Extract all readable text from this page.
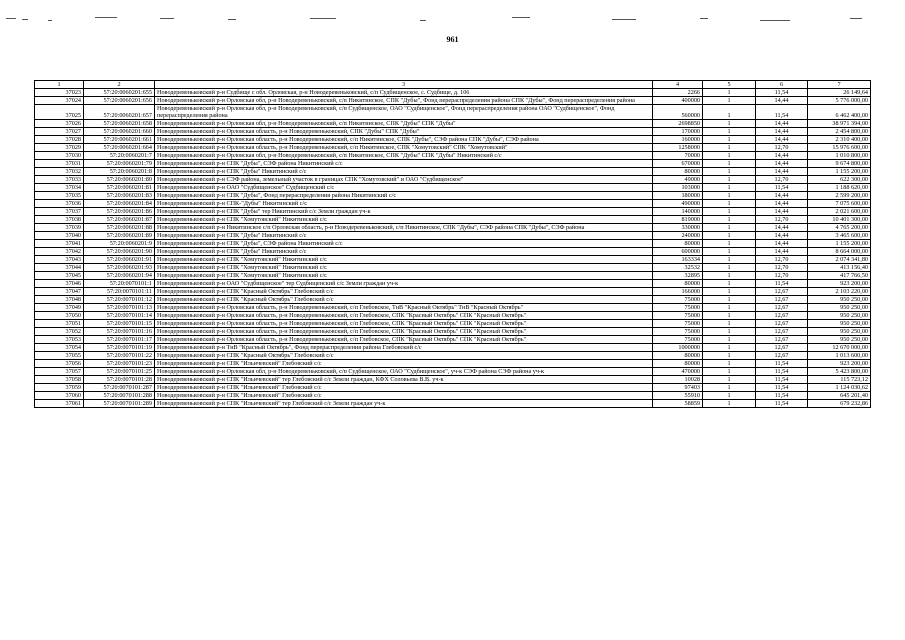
961
1	2	3	4	5	6	7
37023	57:20:0060201:655	Новодеревеньковский р-н Судбище с обл. Орловская, р-н Новодеревеньковский, с/п Судбищенское, с. Судбище, д. 106	2266	1	11,54	26 149,64
37024	57:20:0060201:656	Новодеревеньковский р-н Орловская обл, р-н Новодеревеньковский, с/п Никитинское, СПК "Дубы", Фонд перераспределения района СПК "Дубы", Фонд перераспределения района	400000	1	14,44	5 776 000,00
37025	57:20:0060201:657	Новодеревеньковский р-н Орловская обл, р-н Новодеревеньковский, с/п Судбищенское, ОАО "Судбищенское", Фонд перераспределения района ОАО "Судбищенское", Фонд перераспределения района	560000	1	11,54	6 462 400,00
37026	57:20:0060201:658	Новодеревеньковский р-н Орловская обл, р-н Новодеревеньковский, с/п Никитинское, СПК "Дубы" СПК "Дубы"	2698850	1	14,44	38 971 394,00
37027	57:20:0060201:660	Новодеревеньковский р-н Орловская область, р-н Новодеревеньковский, СПК "Дубы" СПК "Дубы"	170000	1	14,44	2 454 800,00
37028	57:20:0060201:661	Новодеревеньковский р-н Орловская область, р-н Новодеревеньковский, с/п Никитинское, СПК "Дубы", СЭФ района СПК "Дубы", СЭФ района	160000	1	14,44	2 310 400,00
37029	57:20:0060201:664	Новодеревеньковский р-н Орловская область, р-н Новодеревеньковский, с/п Никитинское, СПК "Хомутовский" СПК "Хомутовский"	1258000	1	12,70	15 976 600,00
37030	57:20:0060201:7	Новодеревеньковский р-н Орловская обл, р-н Новодеревеньковский, с/п Никитинское, СПК "Дубы" СПК "Дубы" Никитинский с/с	70000	1	14,44	1 010 800,00
37031	57:20:0060201:79	Новодеревеньковский р-н СПК "Дубы", СЭФ района Никитинский с/с	670000	1	14,44	9 674 800,00
37032	57:20:0060201:8	Новодеревеньковский р-н СПК "Дубы" Никитинский с/с	80000	1	14,44	1 155 200,00
37033	57:20:0060201:80	Новодеревеньковский р-н СЭФ района, земельный участок в границах СПК "Хомутовский" и ОАО "Судбищенское"	49000	1	12,70	622 300,00
37034	57:20:0060201:81	Новодеревеньковский р-н ОАО "Судбищенское" Судбищенский с/с	103000	1	11,54	1 188 620,00
37035	57:20:0060201:83	Новодеревеньковский р-н СПК "Дубы", Фонд перераспределения района Никитинский с/с	180000	1	14,44	2 599 200,00
37036	57:20:0060201:84	Новодеревеньковский р-н СПК-"Дубы" Никитинский с/с	490000	1	14,44	7 075 600,00
37037	57:20:0060201:86	Новодеревеньковский р-н СПК "Дубы" тер Никитинский с/с Земли граждан уч-к	140000	1	14,44	2 021 600,00
37038	57:20:0060201:87	Новодеревеньковский р-н СПК "Хомутовский" Никитинский с/с	819000	1	12,70	10 401 300,00
37039	57:20:0060201:88	Новодеревеньковский р-н Никитинское с/п Орловская область, р-н Новодеревеньковский, с/п Никитинское, СПК "Дубы", СЭФ района СПК "Дубы", СЭФ района	330000	1	14,44	4 765 200,00
37040	57:20:0060201:89	Новодеревеньковский р-н СПК "Дубы" Никитинский с/с	240000	1	14,44	3 465 600,00
37041	57:20:0060201:9	Новодеревеньковский р-н СПК "Дубы", СЭФ района Никитинский с/с	80000	1	14,44	1 155 200,00
37042	57:20:0060201:90	Новодеревеньковский р-н СПК "Дубы" Никитинский с/с	600000	1	14,44	8 664 000,00
37043	57:20:0060201:91	Новодеревеньковский р-н СПК "Хомутовский" Никитинский с/с	163334	1	12,70	2 074 341,80
37044	57:20:0060201:93	Новодеревеньковский р-н СПК "Хомутовский" Никитинский с/с	32532	1	12,70	413 156,40
37045	57:20:0060201:94	Новодеревеньковский р-н СПК "Хомутовский" Никитинский с/с	32895	1	12,70	417 766,50
37046	57:20:0070101:1	Новодеревеньковский р-н ОАО "Судбищенское" тер Судбищенский с/с Земли граждан уч-к	80000	1	11,54	923 200,00
37047	57:20:0070101:11	Новодеревеньковский р-н СПК "Красный Октябрь" Глебовский с/с	166000	1	12,67	2 103 220,00
37048	57:20:0070101:12	Новодеревеньковский р-н СПК "Красный Октябрь" Глебовский с/с	75000	1	12,67	950 250,00
37049	57:20:0070101:13	Новодеревеньковский р-н Орловская область, р-н Новодеревеньковский, с/п Глебовское, ТнВ "Красный Октябрь" ТнВ "Красный Октябрь"	75000	1	12,67	950 250,00
37050	57:20:0070101:14	Новодеревеньковский р-н Орловская область, р-н Новодеревеньковский, с/п Глебовское, СПК "Красный Октябрь" СПК "Красный Октябрь"	75000	1	12,67	950 250,00
37051	57:20:0070101:15	Новодеревеньковский р-н Орловская область, р-н Новодеревеньковский, с/п Глебовское, СПК "Красный Октябрь" СПК "Красный Октябрь"	75000	1	12,67	950 250,00
37052	57:20:0070101:16	Новодеревеньковский р-н Орловская область, р-н Новодеревеньковский, с/п Глебовское, СПК "Красный Октябрь" СПК "Красный Октябрь"	75000	1	12,67	950 250,00
37053	57:20:0070101:17	Новодеревеньковский р-н Орловская область, р-н Новодеревеньковский, с/п Глебовское, СПК "Красный Октябрь" СПК "Красный Октябрь"	75000	1	12,67	950 250,00
37054	57:20:0070101:19	Новодеревеньковский р-н ТнВ "Красный Октябрь", Фонд перераспределения района Глебовский с/с	1000000	1	12,67	12 670 000,00
37055	57:20:0070101:22	Новодеревеньковский р-н СПК "Красный Октябрь" Глебовский с/с	80000	1	12,67	1 013 600,00
37056	57:20:0070101:23	Новодеревеньковский р-н СПК "Ильичевский" Глебовский с/с	80000	1	11,54	923 200,00
37057	57:20:0070101:25	Новодеревеньковский р-н Орловская обл, р-н Новодеревеньковский, с/п Судбищенское, ОАО "Судбищенское", уч-к СЭФ района СЭФ района уч-к	470000	1	11,54	5 423 800,00
37058	57:20:0070101:28	Новодеревеньковский р-н СПК "Ильичевский" тер Глебовский с/с Земли граждан, КФХ Соловьева В.В. уч-к	10028	1	11,54	115 723,12
37059	57:20:0070101:287	Новодеревеньковский р-н СПК "Ильичевский" Глебовский с/с	97403	1	11,54	1 124 030,62
37060	57:20:0070101:288	Новодеревеньковский р-н СПК "Ильичевский" Глебовский с/с	55910	1	11,54	645 201,40
37061	57:20:0070101:289	Новодеревеньковский р-н СПК "Ильичевский" тер Глебовский с/с Земли граждан уч-к	58859	1	11,54	679 232,86
